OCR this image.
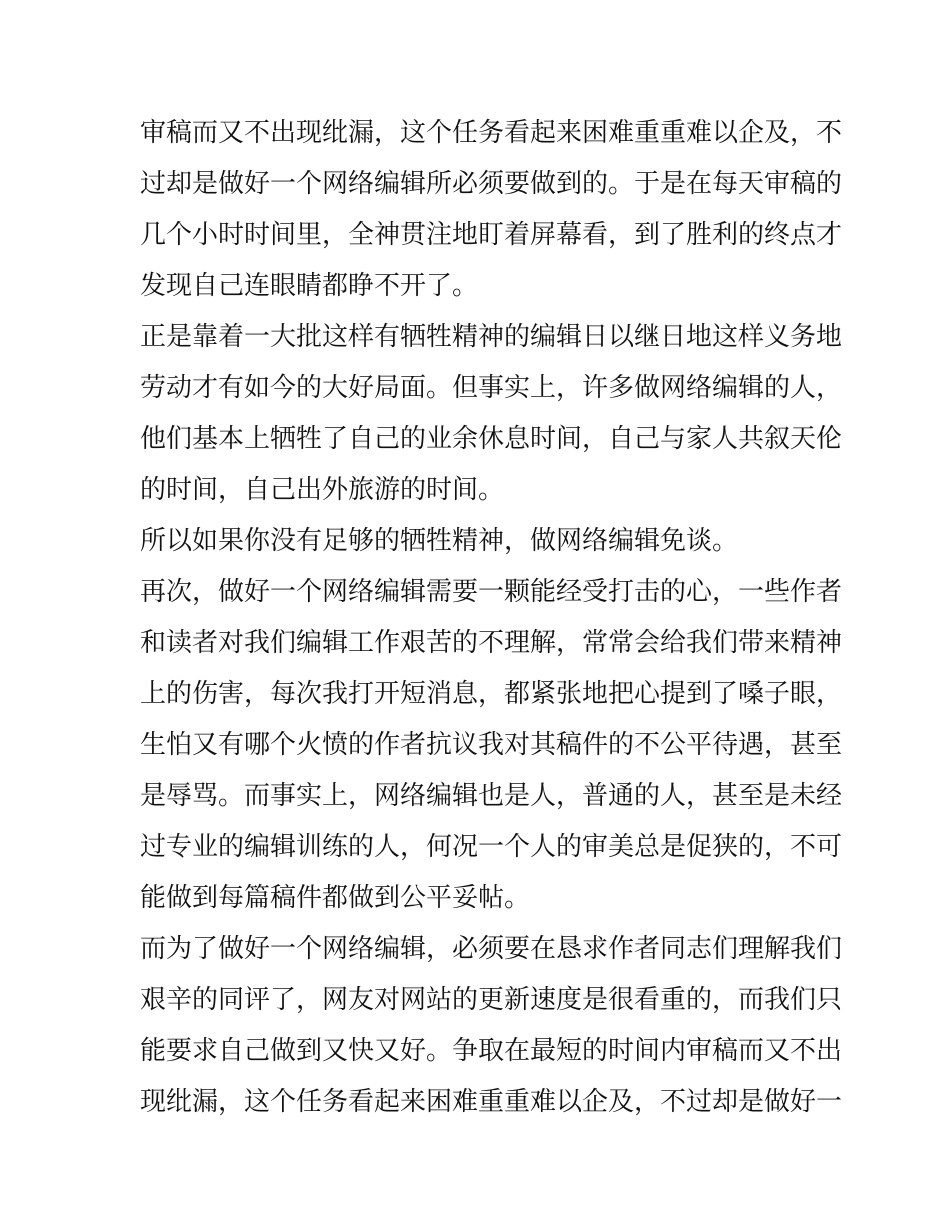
审稿而又不出现纰漏，这个任务看起来困难重重难以企及，不
过却是做好一个网络编辑所必须要做到的。于是在每天审稿的
几个小时时间里，全神贯注地盯着屏幕看，到了胜利的终点才
发现自己连眼睛都睁不开了。
正是靠着一大批这样有牺牲精神的编辑日以继日地这样义务地
劳动才有如今的大好局面。但事实上，许多做网络编辑的人，
他们基本上牺牲了自己的业余休息时间，自己与家人共叙天伦
的时间，自己出外旅游的时间。
所以如果你没有足够的牺牲精神，做网络编辑免谈。
再次，做好一个网络编辑需要一颗能经受打击的心，一些作者
和读者对我们编辑工作艰苦的不理解，常常会给我们带来精神
上的伤害，每次我打开短消息，都紧张地把心提到了嗓子眼，
生怕又有哪个火愤的作者抗议我对其稿件的不公平待遇，甚至
是辱骂。而事实上，网络编辑也是人，普通的人，甚至是未经
过专业的编辑训练的人，何况一个人的审美总是促狭的，不可
能做到每篇稿件都做到公平妥帖。
而为了做好一个网络编辑，必须要在恳求作者同志们理解我们
艰辛的同评了，网友对网站的更新速度是很看重的，而我们只
能要求自己做到又快又好。争取在最短的时间内审稿而又不出
现纰漏，这个任务看起来困难重重难以企及，不过却是做好一
